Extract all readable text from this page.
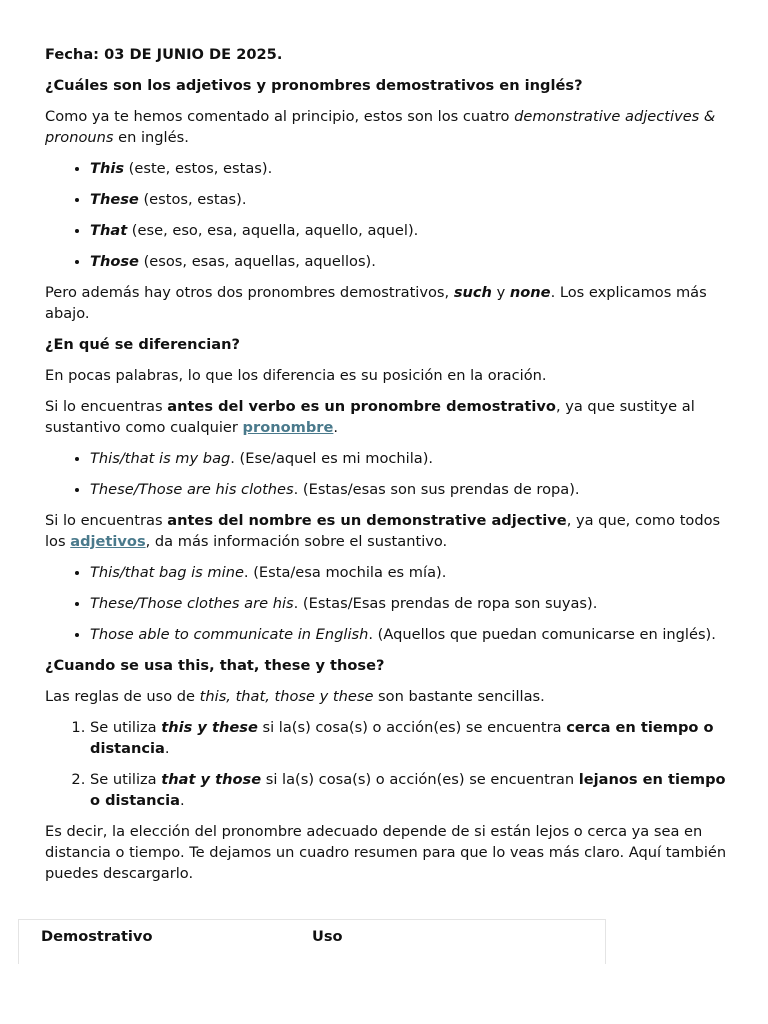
Fecha: 03 DE JUNIO DE 2025.

¿Cuáles son los adjetivos y pronombres demostrativos en inglés?

Como ya te hemos comentado al principio, estos son los cuatro demonstrative adjectives & pronouns en inglés.

• This (este, estos, estas).
• These (estos, estas).
• That (ese, eso, esa, aquella, aquello, aquel).
• Those (esos, esas, aquellas, aquellos).

Pero además hay otros dos pronombres demostrativos, such y none. Los explicamos más abajo.

¿En qué se diferencian?

En pocas palabras, lo que los diferencia es su posición en la oración.

Si lo encuentras antes del verbo es un pronombre demostrativo, ya que sustitye al sustantivo como cualquier pronombre.

• This/that is my bag. (Ese/aquel es mi mochila).
• These/Those are his clothes. (Estas/esas son sus prendas de ropa).

Si lo encuentras antes del nombre es un demonstrative adjective, ya que, como todos los adjetivos, da más información sobre el sustantivo.

• This/that bag is mine. (Esta/esa mochila es mía).
• These/Those clothes are his. (Estas/Esas prendas de ropa son suyas).
• Those able to communicate in English. (Aquellos que puedan comunicarse en inglés).

¿Cuando se usa this, that, these y those?

Las reglas de uso de this, that, those y these son bastante sencillas.

1. Se utiliza this y these si la(s) cosa(s) o acción(es) se encuentra cerca en tiempo o distancia.
2. Se utiliza that y those si la(s) cosa(s) o acción(es) se encuentran lejanos en tiempo o distancia.

Es decir, la elección del pronombre adecuado depende de si están lejos o cerca ya sea en distancia o tiempo. Te dejamos un cuadro resumen para que lo veas más claro. Aquí también puedes descargarlo.

Demostrativo	Uso
